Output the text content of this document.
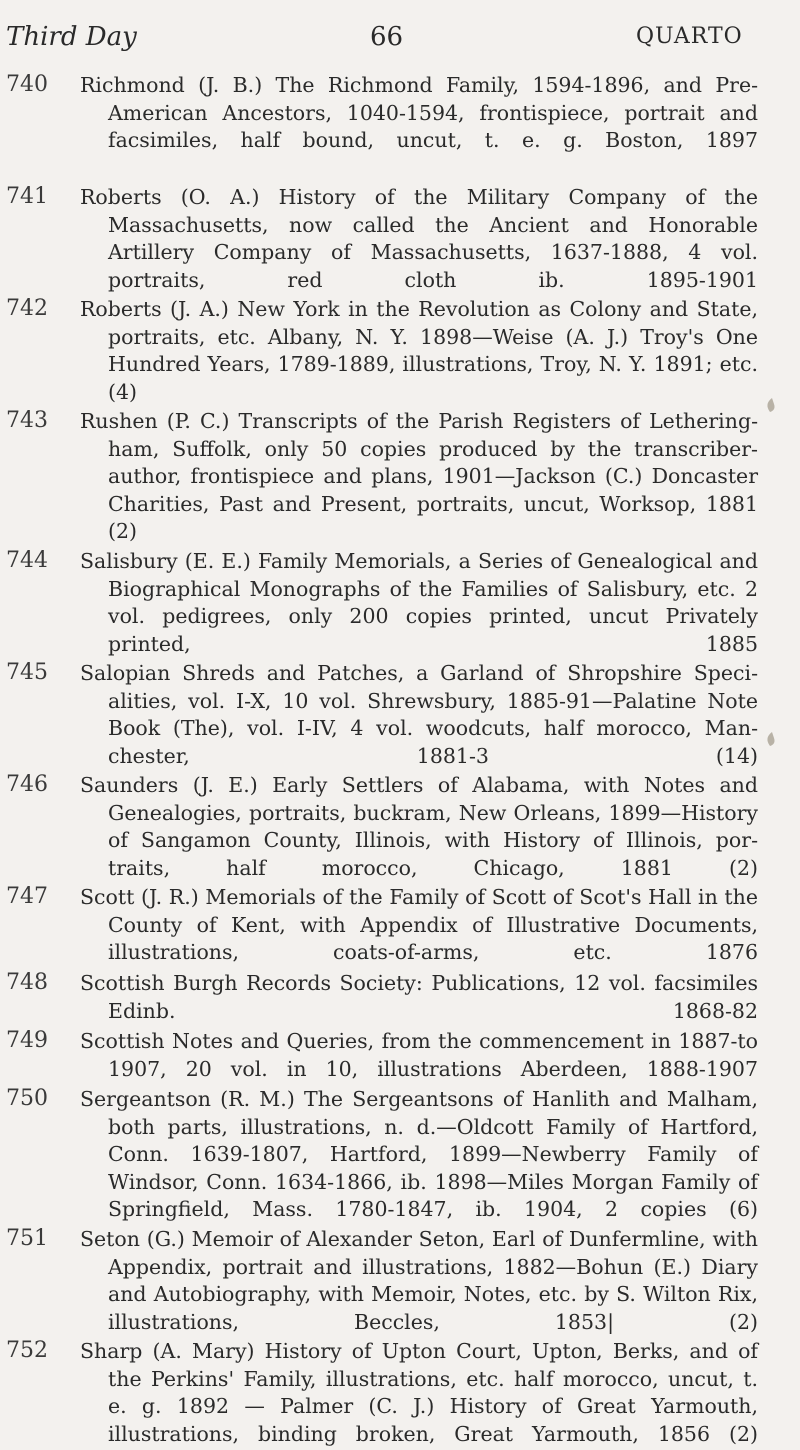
Third Day	66	QUARTO
740 Richmond (J. B.) The Richmond Family, 1594-1896, and Pre-American Ancestors, 1040-1594, frontispiece, portrait and facsimiles, half bound, uncut, t. e. g. Boston, 1897
741 Roberts (O. A.) History of the Military Company of the Massachusetts, now called the Ancient and Honorable Artillery Company of Massachusetts, 1637-1888, 4 vol. portraits, red cloth ib. 1895-1901
742 Roberts (J. A.) New York in the Revolution as Colony and State, portraits, etc. Albany, N. Y. 1898—Weise (A. J.) Troy's One Hundred Years, 1789-1889, illustrations, Troy, N. Y. 1891; etc. (4)
743 Rushen (P. C.) Transcripts of the Parish Registers of Lethering-ham, Suffolk, only 50 copies produced by the transcriber-author, frontispiece and plans, 1901—Jackson (C.) Doncaster Charities, Past and Present, portraits, uncut, Worksop, 1881 (2)
744 Salisbury (E. E.) Family Memorials, a Series of Genealogical and Biographical Monographs of the Families of Salisbury, etc. 2 vol. pedigrees, only 200 copies printed, uncut Privately printed, 1885
745 Salopian Shreds and Patches, a Garland of Shropshire Speci-alities, vol. I-X, 10 vol. Shrewsbury, 1885-91—Palatine Note Book (The), vol. I-IV, 4 vol. woodcuts, half morocco, Man-chester, 1881-3 (14)
746 Saunders (J. E.) Early Settlers of Alabama, with Notes and Genealogies, portraits, buckram, New Orleans, 1899—History of Sangamon County, Illinois, with History of Illinois, por-traits, half morocco, Chicago, 1881 (2)
747 Scott (J. R.) Memorials of the Family of Scott of Scot's Hall in the County of Kent, with Appendix of Illustrative Documents, illustrations, coats-of-arms, etc. 1876
748 Scottish Burgh Records Society: Publications, 12 vol. facsimiles Edinb. 1868-82
749 Scottish Notes and Queries, from the commencement in 1887-to 1907, 20 vol. in 10, illustrations Aberdeen, 1888-1907
750 Sergeantson (R. M.) The Sergeantsons of Hanlith and Malham, both parts, illustrations, n. d.—Oldcott Family of Hartford, Conn. 1639-1807, Hartford, 1899—Newberry Family of Windsor, Conn. 1634-1866, ib. 1898—Miles Morgan Family of Springfield, Mass. 1780-1847, ib. 1904, 2 copies (6)
751 Seton (G.) Memoir of Alexander Seton, Earl of Dunfermline, with Appendix, portrait and illustrations, 1882—Bohun (E.) Diary and Autobiography, with Memoir, Notes, etc. by S. Wilton Rix, illustrations, Beccles, 1853| (2)
752 Sharp (A. Mary) History of Upton Court, Upton, Berks, and of the Perkins' Family, illustrations, etc. half morocco, uncut, t. e. g. 1892 — Palmer (C. J.) History of Great Yarmouth, illustrations, binding broken, Great Yarmouth, 1856 (2)
